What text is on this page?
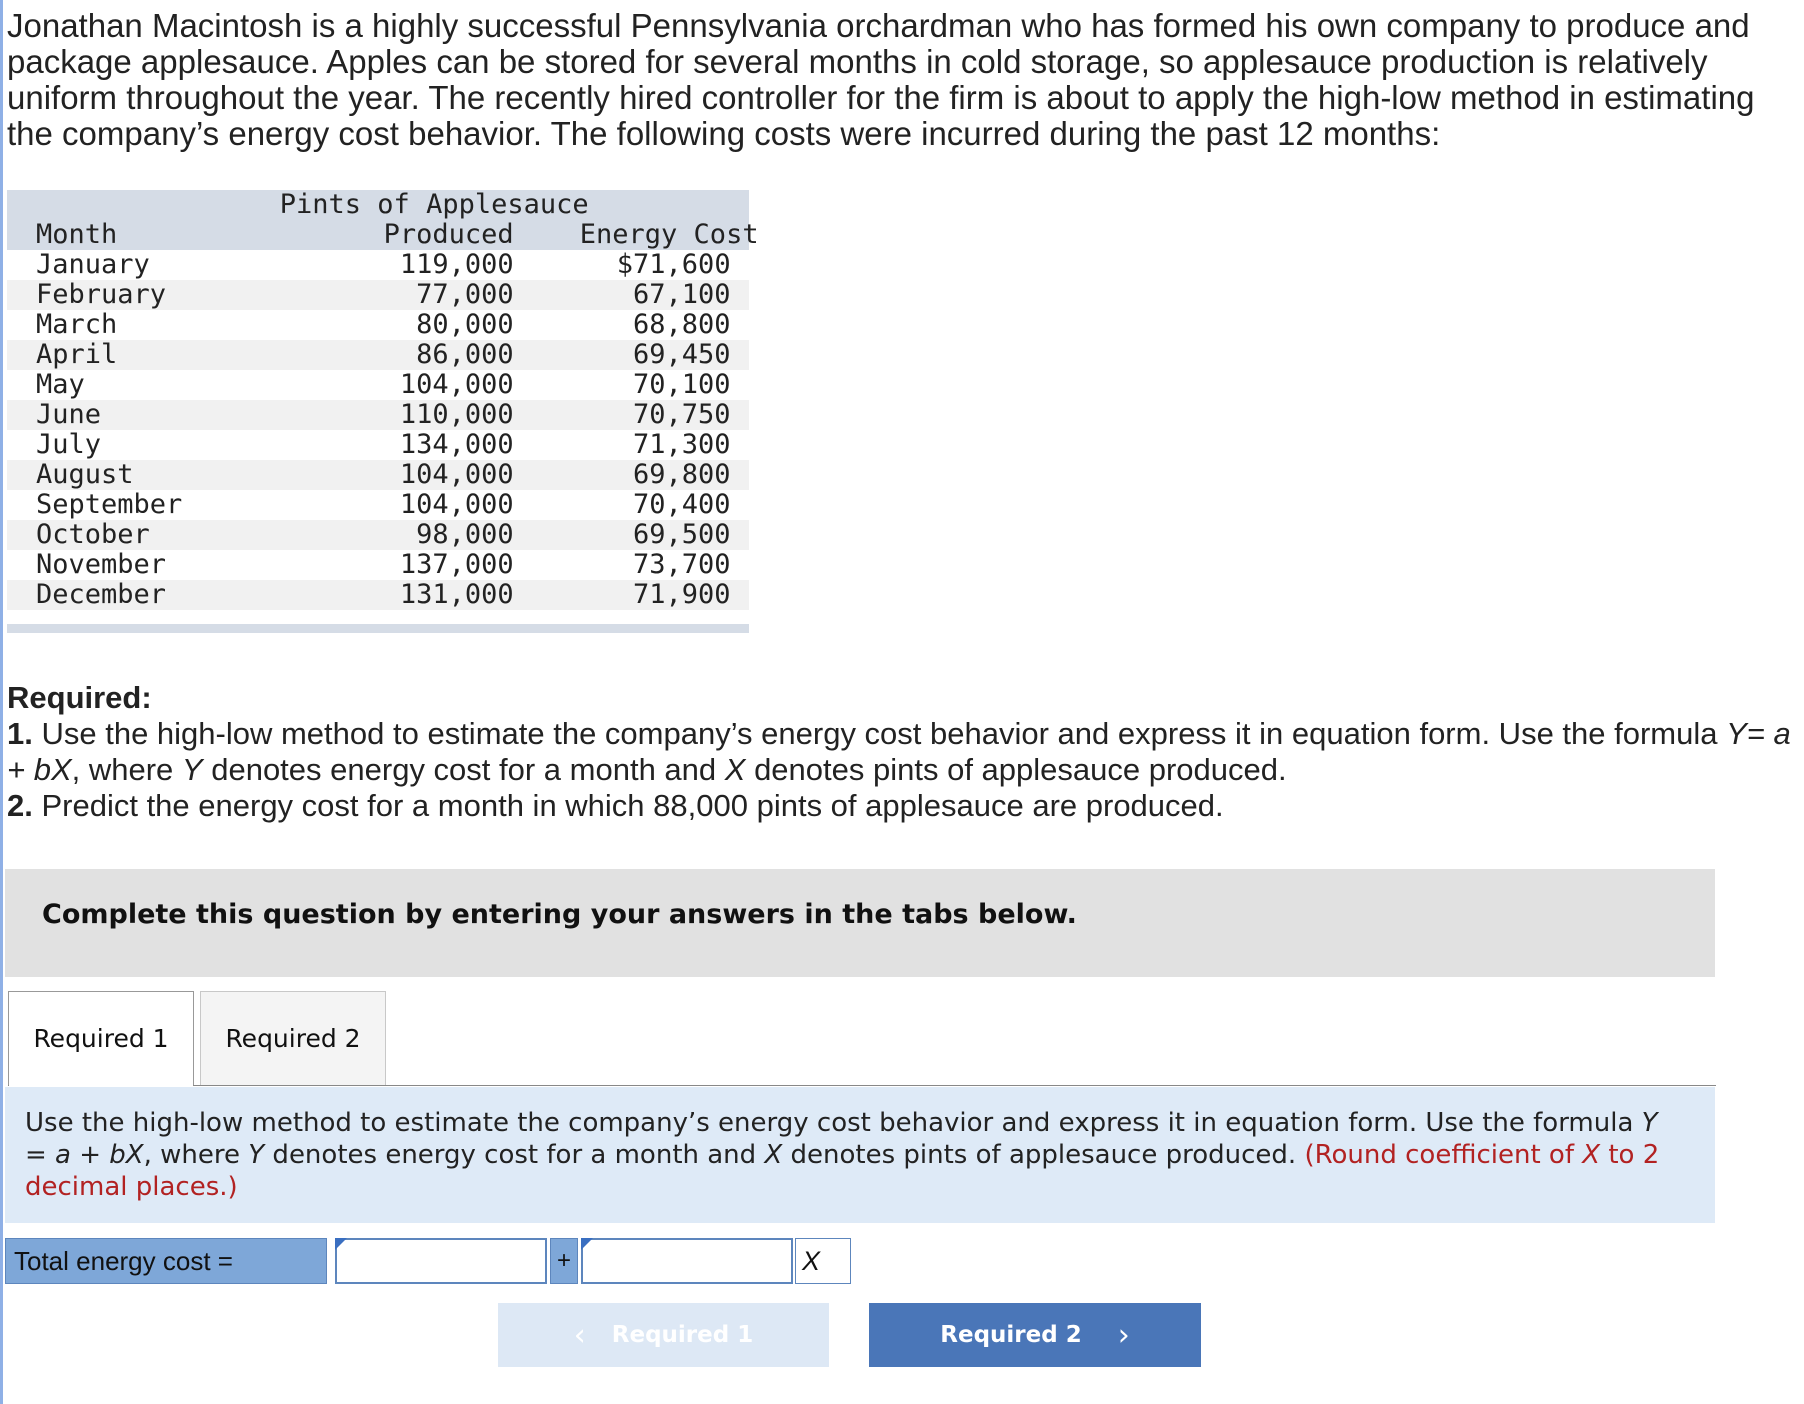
Jonathan Macintosh is a highly successful Pennsylvania orchardman who has formed his own company to produce and package applesauce. Apples can be stored for several months in cold storage, so applesauce production is relatively uniform throughout the year. The recently hired controller for the firm is about to apply the high-low method in estimating the company’s energy cost behavior. The following costs were incurred during the past 12 months:

	Pints of Applesauce		
Month	Produced	Energy Cost	
January	119,000	$71,600	
February	77,000	67,100	
March	80,000	68,800	
April	86,000	69,450	
May	104,000	70,100	
June	110,000	70,750	
July	134,000	71,300	
August	104,000	69,800	
September	104,000	70,400	
October	98,000	69,500	
November	137,000	73,700	
December	131,000	71,900	
Required:
1. Use the high-low method to estimate the company’s energy cost behavior and express it in equation form. Use the formula Y= a + bX, where Y denotes energy cost for a month and X denotes pints of applesauce produced.
2. Predict the energy cost for a month in which 88,000 pints of applesauce are produced.
Complete this question by entering your answers in the tabs below.
Required 1	Required 2
Use the high-low method to estimate the company’s energy cost behavior and express it in equation form. Use the formula Y = a + bX, where Y denotes energy cost for a month and X denotes pints of applesauce produced. (Round coefficient of X to 2 decimal places.)
Total energy cost =	+	X
‹ Required 1	Required 2 ›
